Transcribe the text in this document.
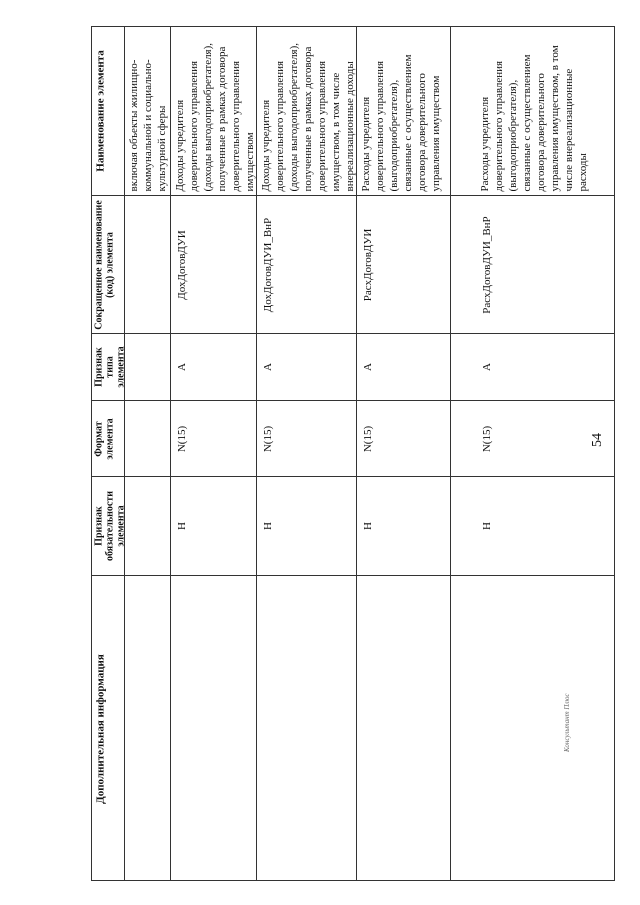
54
Наименование элемента
Сокращенное наименование (код) элемента
Признак типа элемента
Формат элемента
Признак обязательности элемента
Дополнительная информация
включая объекты жилищно-коммунальной и социально-культурной сферы Доходы учредителя доверительного управления (доходы выгодоприобретателя), полученные в рамках договора доверительного управления имуществом
ДохДоговДУИ
А
N(15)
Н
Доходы учредителя доверительного управления (доходы выгодоприобретателя), полученные в рамках договора доверительного управления имуществом, в том числе внереализационные доходы
ДохДоговДУИ_ВнР
А
N(15)
Н
Расходы учредителя доверительного управления (выгодоприобретателя), связанные с осуществлением договора доверительного управления имуществом
РасхДоговДУИ
А
N(15)
Н
Расходы учредителя доверительного управления (выгодоприобретателя), связанные с осуществлением договора доверительного управления имуществом, в том числе внереализационные расходы
РасхДоговДУИ_ВнР
А
N(15)
Н
Консультант Плюс
